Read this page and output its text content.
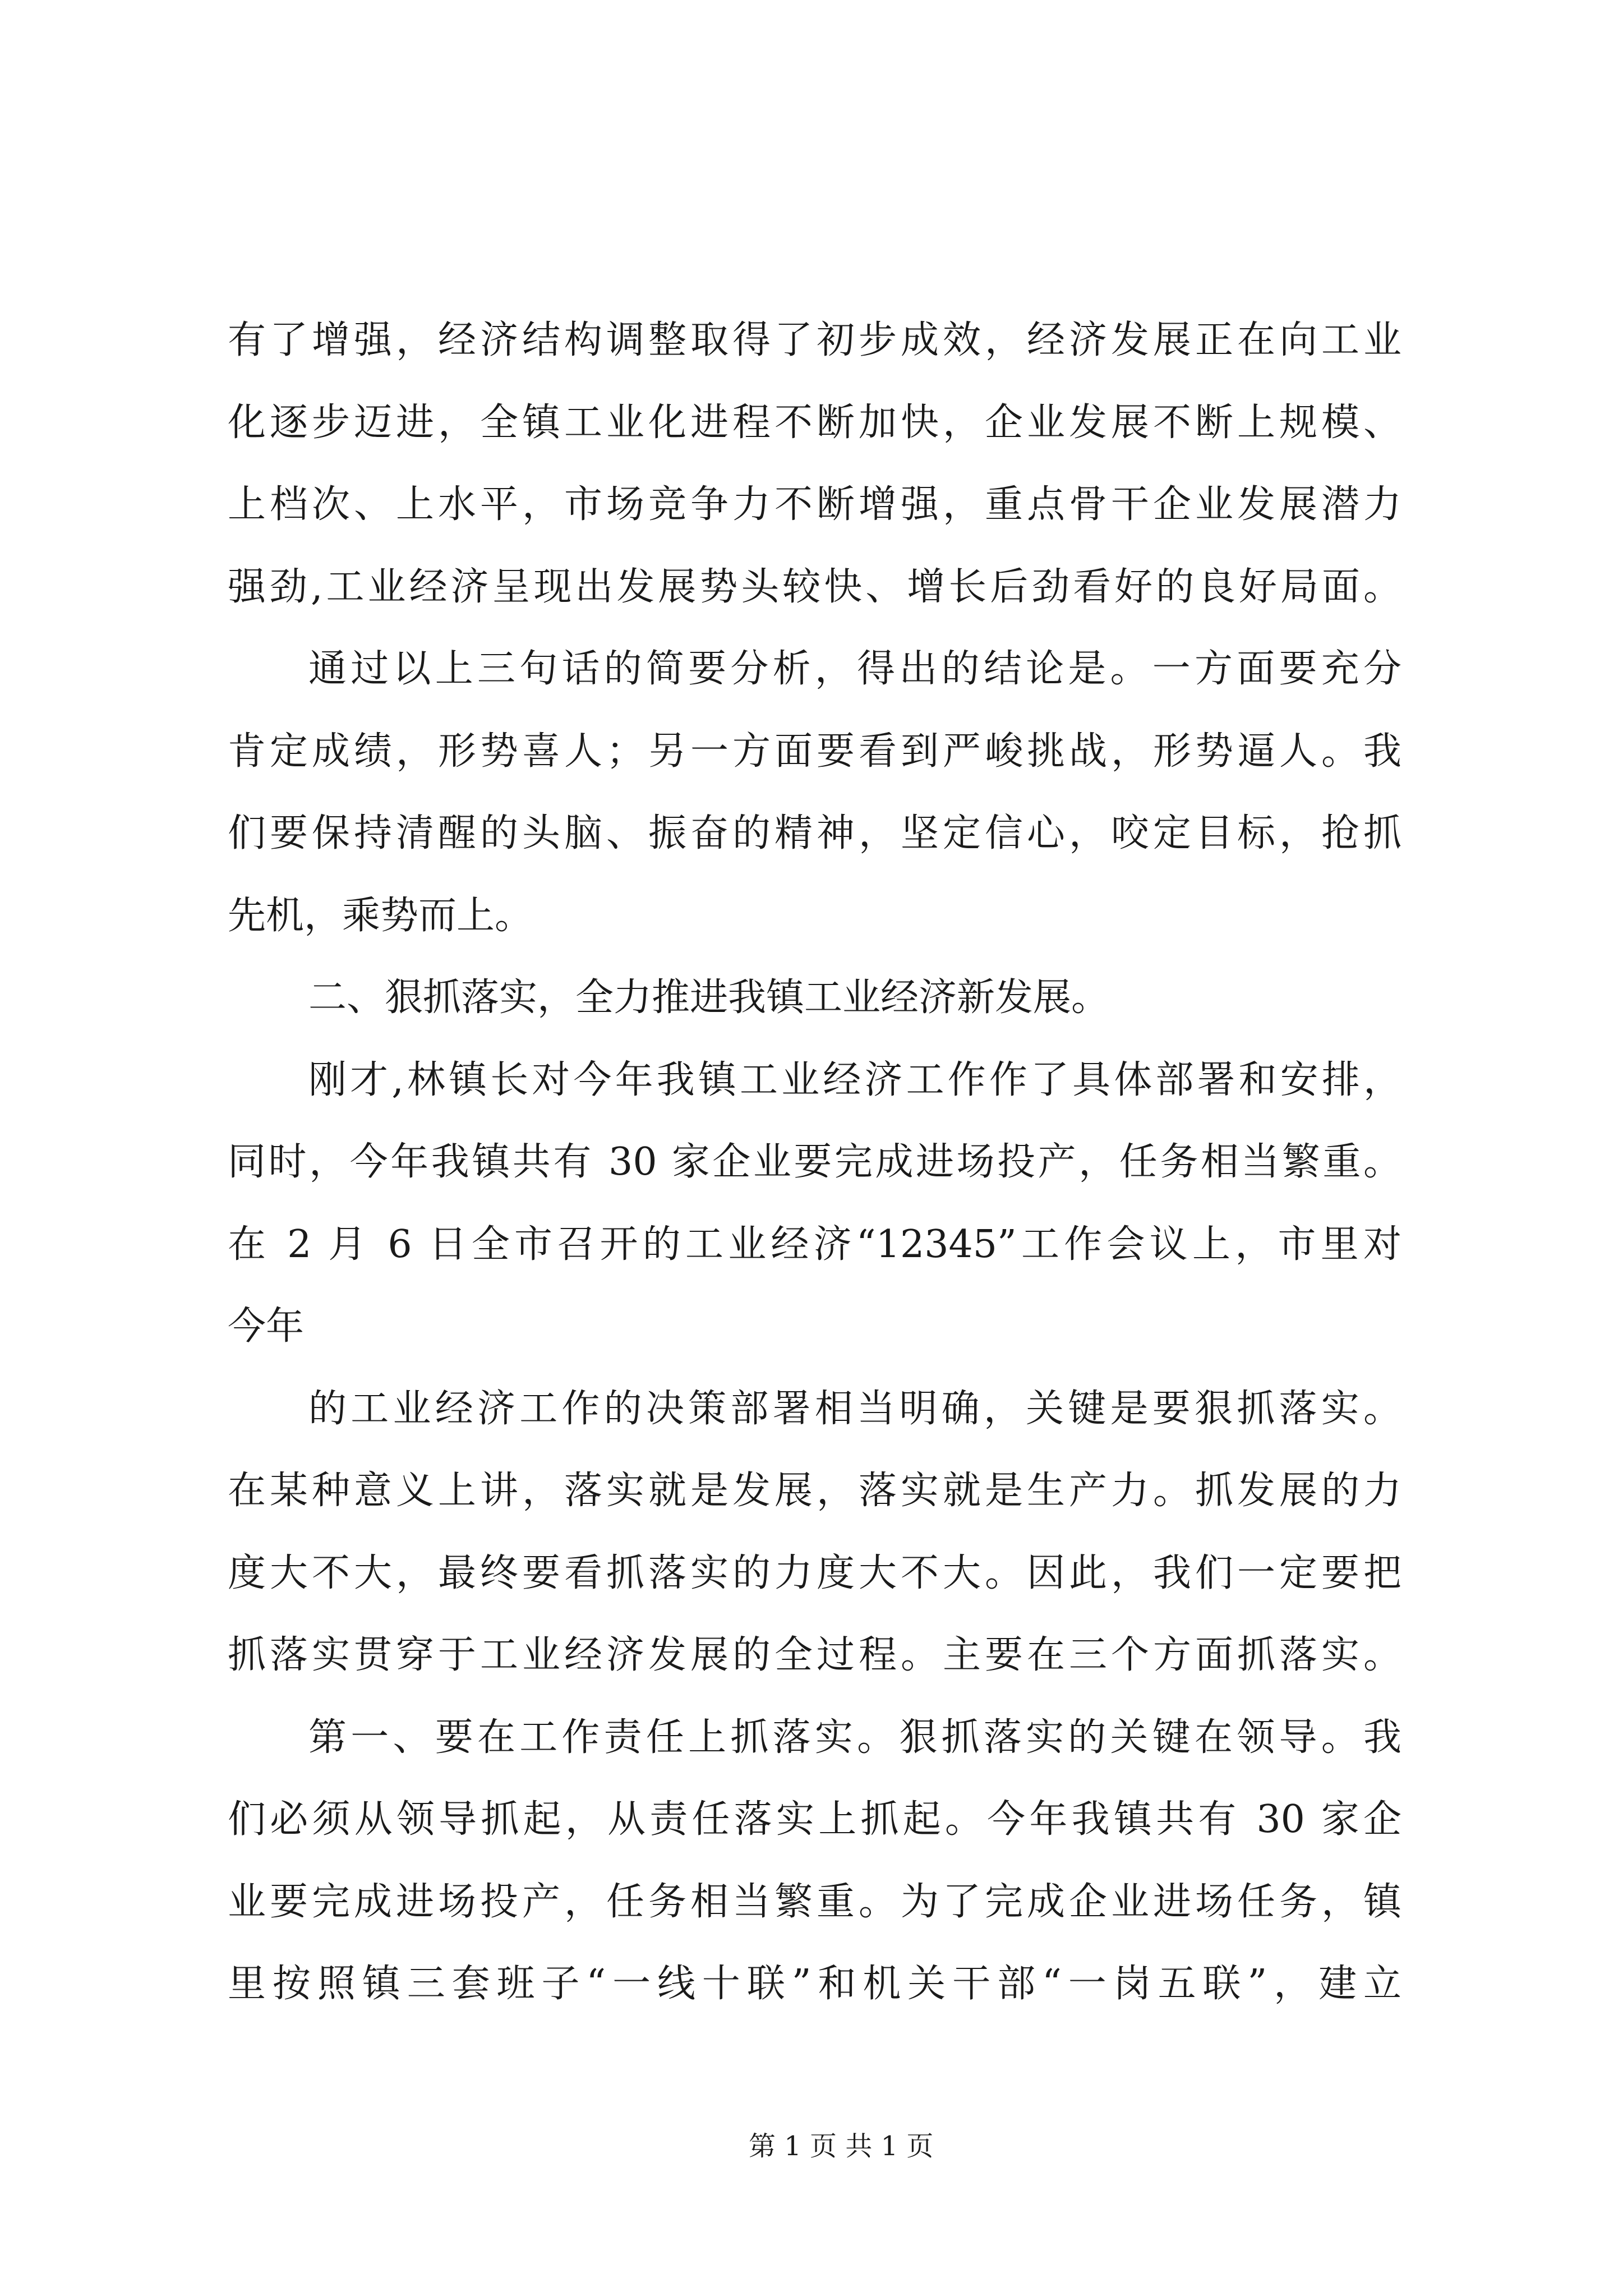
有了增强，经济结构调整取得了初步成效，经济发展正在向工业
化逐步迈进，全镇工业化进程不断加快，企业发展不断上规模、
上档次、上水平，市场竞争力不断增强，重点骨干企业发展潜力
强劲,工业经济呈现出发展势头较快、增长后劲看好的良好局面。
通过以上三句话的简要分析，得出的结论是。一方面要充分
肯定成绩，形势喜人；另一方面要看到严峻挑战，形势逼人。我
们要保持清醒的头脑、振奋的精神，坚定信心，咬定目标，抢抓
先机，乘势而上。
二、狠抓落实，全力推进我镇工业经济新发展。
刚才,林镇长对今年我镇工业经济工作作了具体部署和安排，
同时，今年我镇共有 30 家企业要完成进场投产，任务相当繁重。
在 2 月 6 日全市召开的工业经济“12345”工作会议上，市里对
今年
的工业经济工作的决策部署相当明确，关键是要狠抓落实。
在某种意义上讲，落实就是发展，落实就是生产力。抓发展的力
度大不大，最终要看抓落实的力度大不大。因此，我们一定要把
抓落实贯穿于工业经济发展的全过程。主要在三个方面抓落实。
第一、要在工作责任上抓落实。狠抓落实的关键在领导。我
们必须从领导抓起，从责任落实上抓起。今年我镇共有 30 家企
业要完成进场投产，任务相当繁重。为了完成企业进场任务，镇
里按照镇三套班子“一线十联”和机关干部“一岗五联”，建立
第 1 页 共 1 页
